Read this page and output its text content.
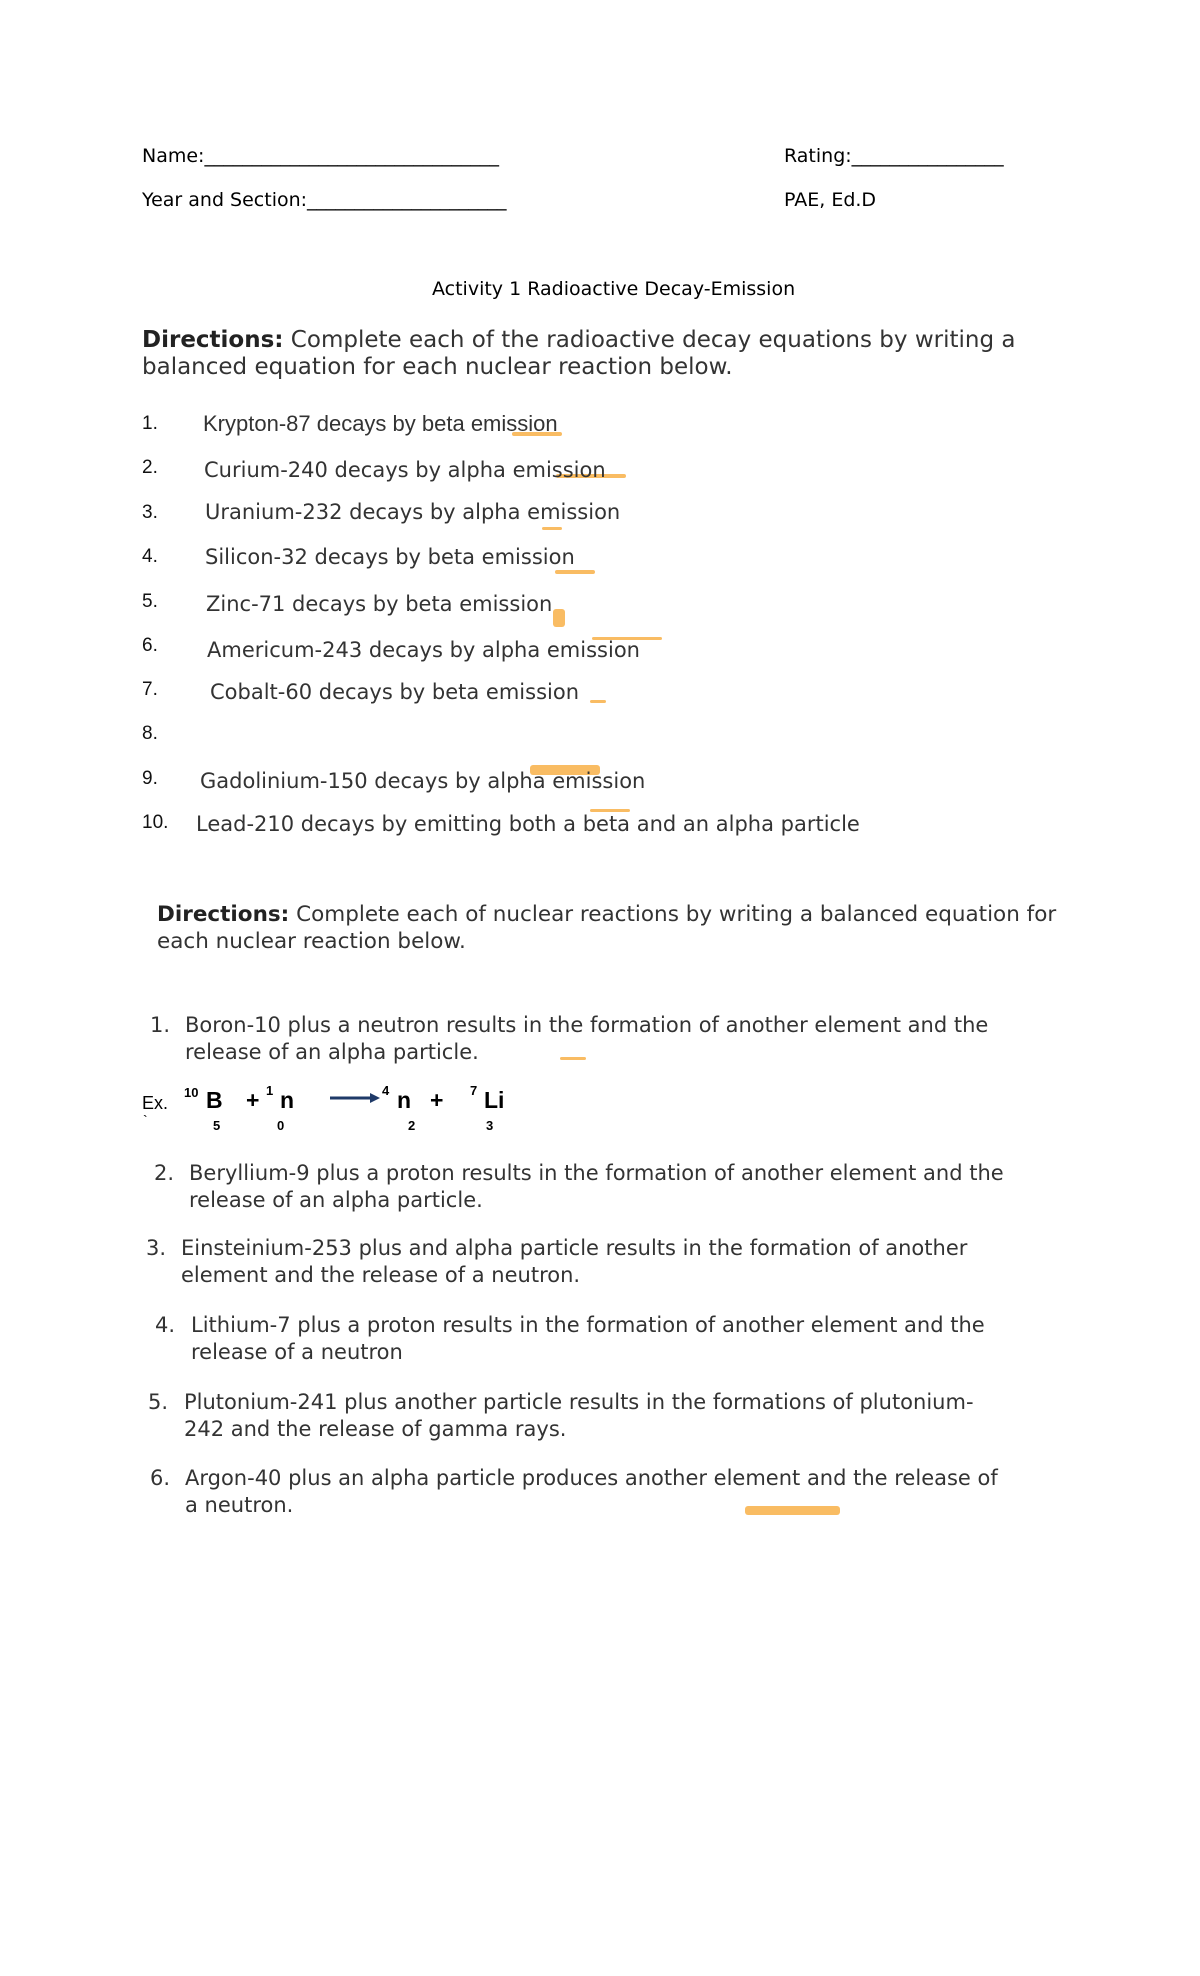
Name:_______________________________	Rating:________________
Year and Section:_____________________	PAE, Ed.D
Activity 1 Radioactive Decay-Emission
Directions: Complete each of the radioactive decay equations by writing a
balanced equation for each nuclear reaction below.
1. Krypton-87 decays by beta emission
2. Curium-240 decays by alpha emission
3. Uranium-232 decays by alpha emission
4. Silicon-32 decays by beta emission
5. Zinc-71 decays by beta emission
6. Americum-243 decays by alpha emission
7. Cobalt-60 decays by beta emission
8.
9. Gadolinium-150 decays by alpha emission
10. Lead-210 decays by emitting both a beta and an alpha particle
Directions: Complete each of nuclear reactions by writing a balanced equation for
each nuclear reaction below.
1. Boron-10 plus a neutron results in the formation of another element and the
release of an alpha particle.
Ex.
`
10 B
5
+ 1 n
0
4 n
2
+ 7 Li
3
2. Beryllium-9 plus a proton results in the formation of another element and the
release of an alpha particle.
3. Einsteinium-253 plus and alpha particle results in the formation of another
element and the release of a neutron.
4. Lithium-7 plus a proton results in the formation of another element and the
release of a neutron
5. Plutonium-241 plus another particle results in the formations of plutonium-
242 and the release of gamma rays.
6. Argon-40 plus an alpha particle produces another element and the release of
a neutron.
